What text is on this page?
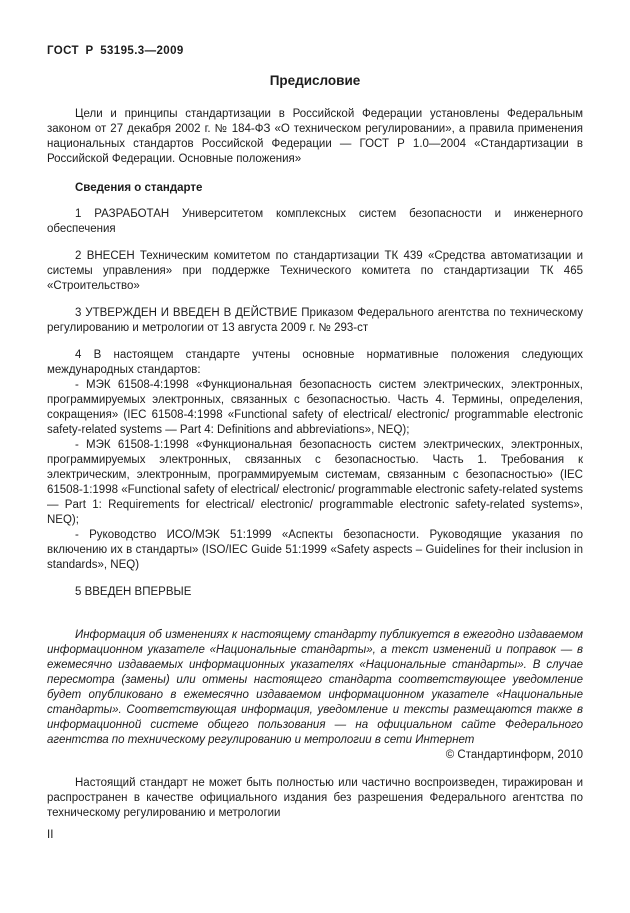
ГОСТ Р 53195.3—2009
Предисловие

Цели и принципы стандартизации в Российской Федерации установлены Федеральным законом от 27 декабря 2002 г. № 184-ФЗ «О техническом регулировании», а правила применения национальных стандартов Российской Федерации — ГОСТ Р 1.0—2004 «Стандартизации в Российской Федерации. Основные положения»

Сведения о стандарте

1 РАЗРАБОТАН Университетом комплексных систем безопасности и инженерного обеспечения

2 ВНЕСЕН Техническим комитетом по стандартизации ТК 439 «Средства автоматизации и системы управления» при поддержке Технического комитета по стандартизации ТК 465 «Строительство»

3 УТВЕРЖДЕН И ВВЕДЕН В ДЕЙСТВИЕ Приказом Федерального агентства по техническому регулированию и метрологии от 13 августа 2009 г. № 293-ст

4 В настоящем стандарте учтены основные нормативные положения следующих международных стандартов:

- МЭК 61508-4:1998 «Функциональная безопасность систем электрических, электронных, программируемых электронных, связанных с безопасностью. Часть 4. Термины, определения, сокращения» (IEC 61508-4:1998 «Functional safety of electrical/ electronic/ programmable electronic safety-related systems — Part 4: Definitions and abbreviations», NEQ);

- МЭК 61508-1:1998 «Функциональная безопасность систем электрических, электронных, программируемых электронных, связанных с безопасностью. Часть 1. Требования к электрическим, электронным, программируемым системам, связанным с безопасностью» (IEC 61508-1:1998 «Functional safety of electrical/ electronic/ programmable electronic safety-related systems — Part 1: Requirements for electrical/ electronic/ programmable electronic safety-related systems», NEQ);

- Руководство ИСО/МЭК 51:1999 «Аспекты безопасности. Руководящие указания по включению их в стандарты» (ISO/IEC Guide 51:1999 «Safety aspects – Guidelines for their inclusion in standards», NEQ)

5 ВВЕДЕН ВПЕРВЫЕ

Информация об изменениях к настоящему стандарту публикуется в ежегодно издаваемом информационном указателе «Национальные стандарты», а текст изменений и поправок — в ежемесячно издаваемых информационных указателях «Национальные стандарты». В случае пересмотра (замены) или отмены настоящего стандарта соответствующее уведомление будет опубликовано в ежемесячно издаваемом информационном указателе «Национальные стандарты». Соответствующая информация, уведомление и тексты размещаются также в информационной системе общего пользования — на официальном сайте Федерального агентства по техническому регулированию и метрологии в сети Интернет

© Стандартинформ, 2010

Настоящий стандарт не может быть полностью или частично воспроизведен, тиражирован и распространен в качестве официального издания без разрешения Федерального агентства по техническому регулированию и метрологии

II
